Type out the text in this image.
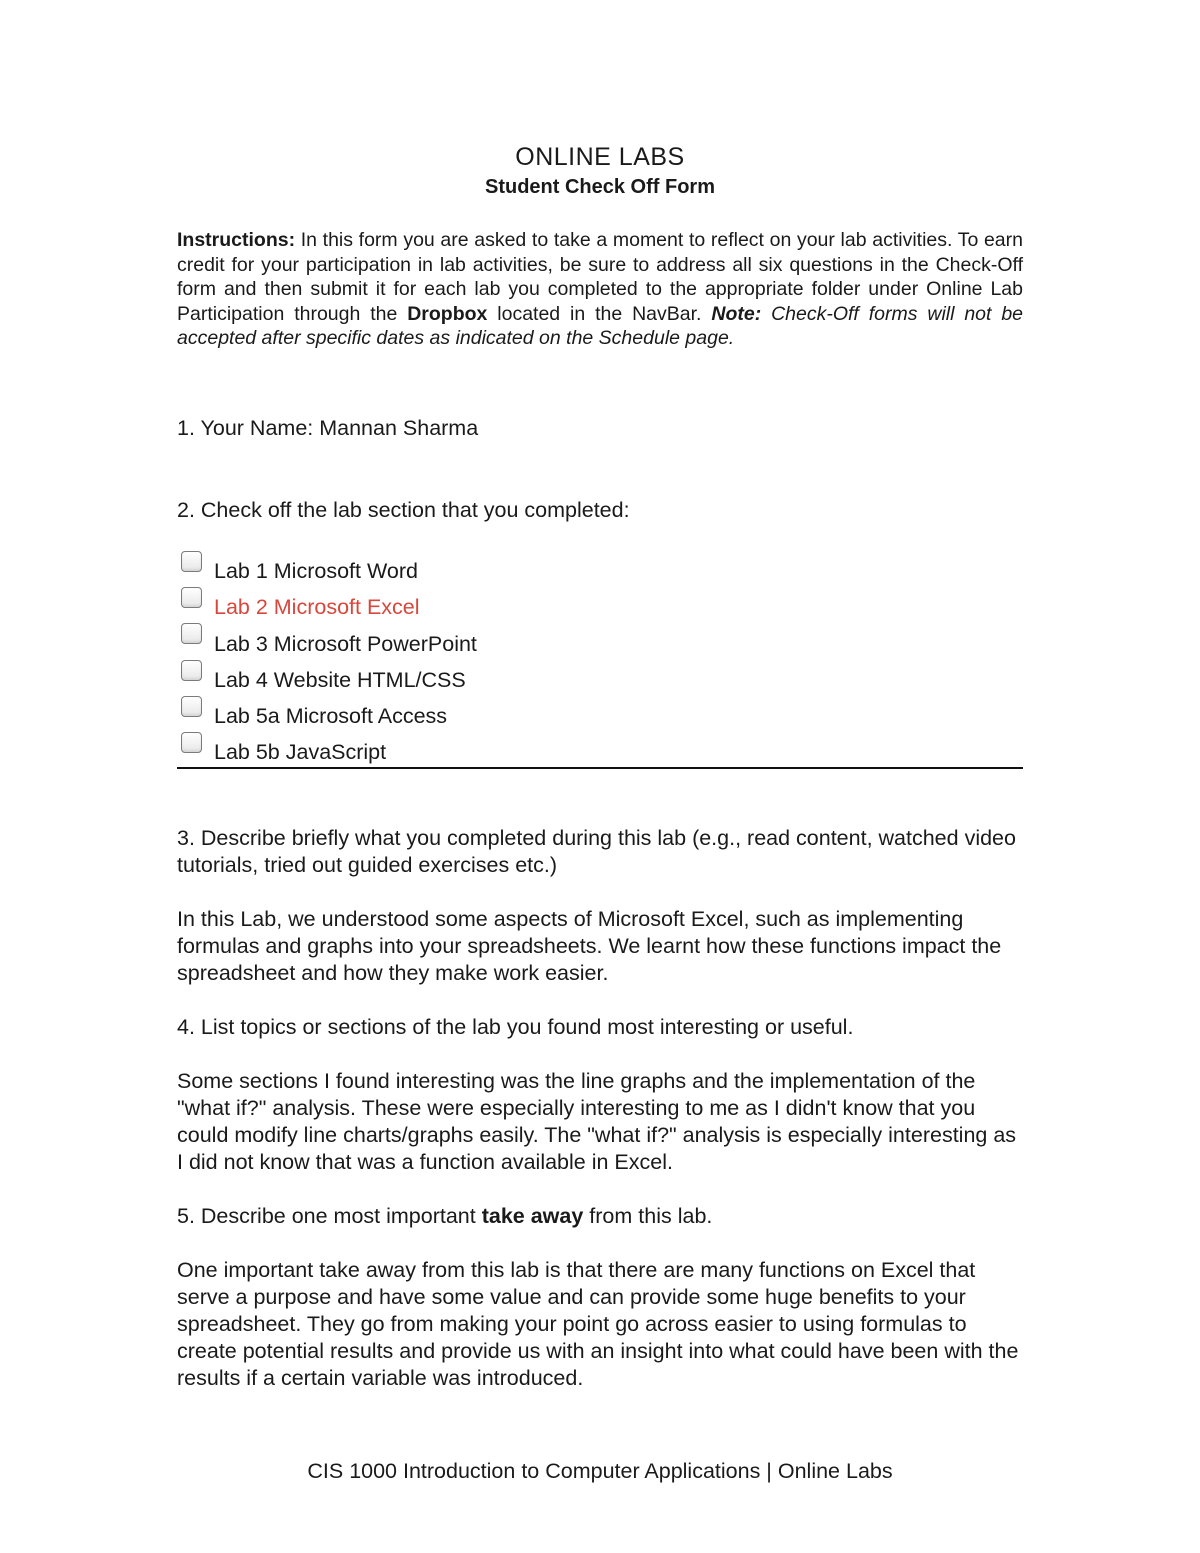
ONLINE LABS
Student Check Off Form

Instructions: In this form you are asked to take a moment to reflect on your lab activities. To earn credit for your participation in lab activities, be sure to address all six questions in the Check-Off form and then submit it for each lab you completed to the appropriate folder under Online Lab Participation through the Dropbox located in the NavBar. Note: Check-Off forms will not be accepted after specific dates as indicated on the Schedule page.

1. Your Name: Mannan Sharma

2. Check off the lab section that you completed:

Lab 1 Microsoft Word
Lab 2 Microsoft Excel
Lab 3 Microsoft PowerPoint
Lab 4 Website HTML/CSS
Lab 5a Microsoft Access
Lab 5b JavaScript

3. Describe briefly what you completed during this lab (e.g., read content, watched video tutorials, tried out guided exercises etc.)

In this Lab, we understood some aspects of Microsoft Excel, such as implementing formulas and graphs into your spreadsheets. We learnt how these functions impact the spreadsheet and how they make work easier.

4. List topics or sections of the lab you found most interesting or useful.

Some sections I found interesting was the line graphs and the implementation of the "what if?" analysis. These were especially interesting to me as I didn't know that you could modify line charts/graphs easily. The "what if?" analysis is especially interesting as I did not know that was a function available in Excel.

5. Describe one most important take away from this lab.

One important take away from this lab is that there are many functions on Excel that serve a purpose and have some value and can provide some huge benefits to your spreadsheet. They go from making your point go across easier to using formulas to create potential results and provide us with an insight into what could have been with the results if a certain variable was introduced.

CIS 1000 Introduction to Computer Applications | Online Labs
